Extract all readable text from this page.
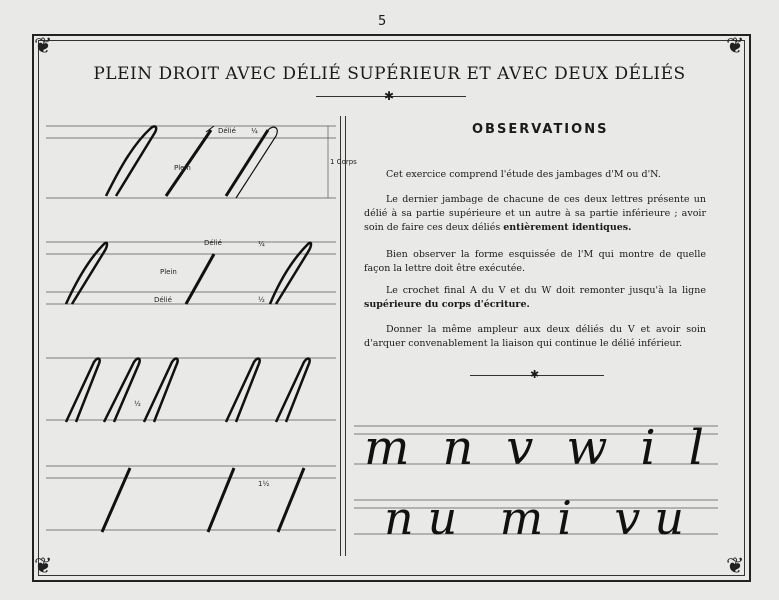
5
❦	❦
❦	❦
PLEIN DROIT AVEC DÉLIÉ SUPÉRIEUR ET AVEC DEUX DÉLIÉS
✱
Délié ¼
Plein
1 Corps
Délié
Plein
Délié
¼
½
½
1½
OBSERVATIONS
Cet exercice comprend l'étude des jambages d'M ou d'N.
Le dernier jambage de chacune de ces deux lettres présente un délié à sa partie supérieure et un autre à sa partie inférieure ; avoir soin de faire ces deux déliés entièrement identiques.
Bien observer la forme esquissée de l'M qui montre de quelle façon la lettre doit être exécutée.
Le crochet final A du V et du W doit remonter jusqu'à la ligne supérieure du corps d'écriture.
Donner la même ampleur aux deux déliés du V et avoir soin d'arquer convenablement la liaison qui continue le délié inférieur.
✱
m n v w i l
nu mi vu
